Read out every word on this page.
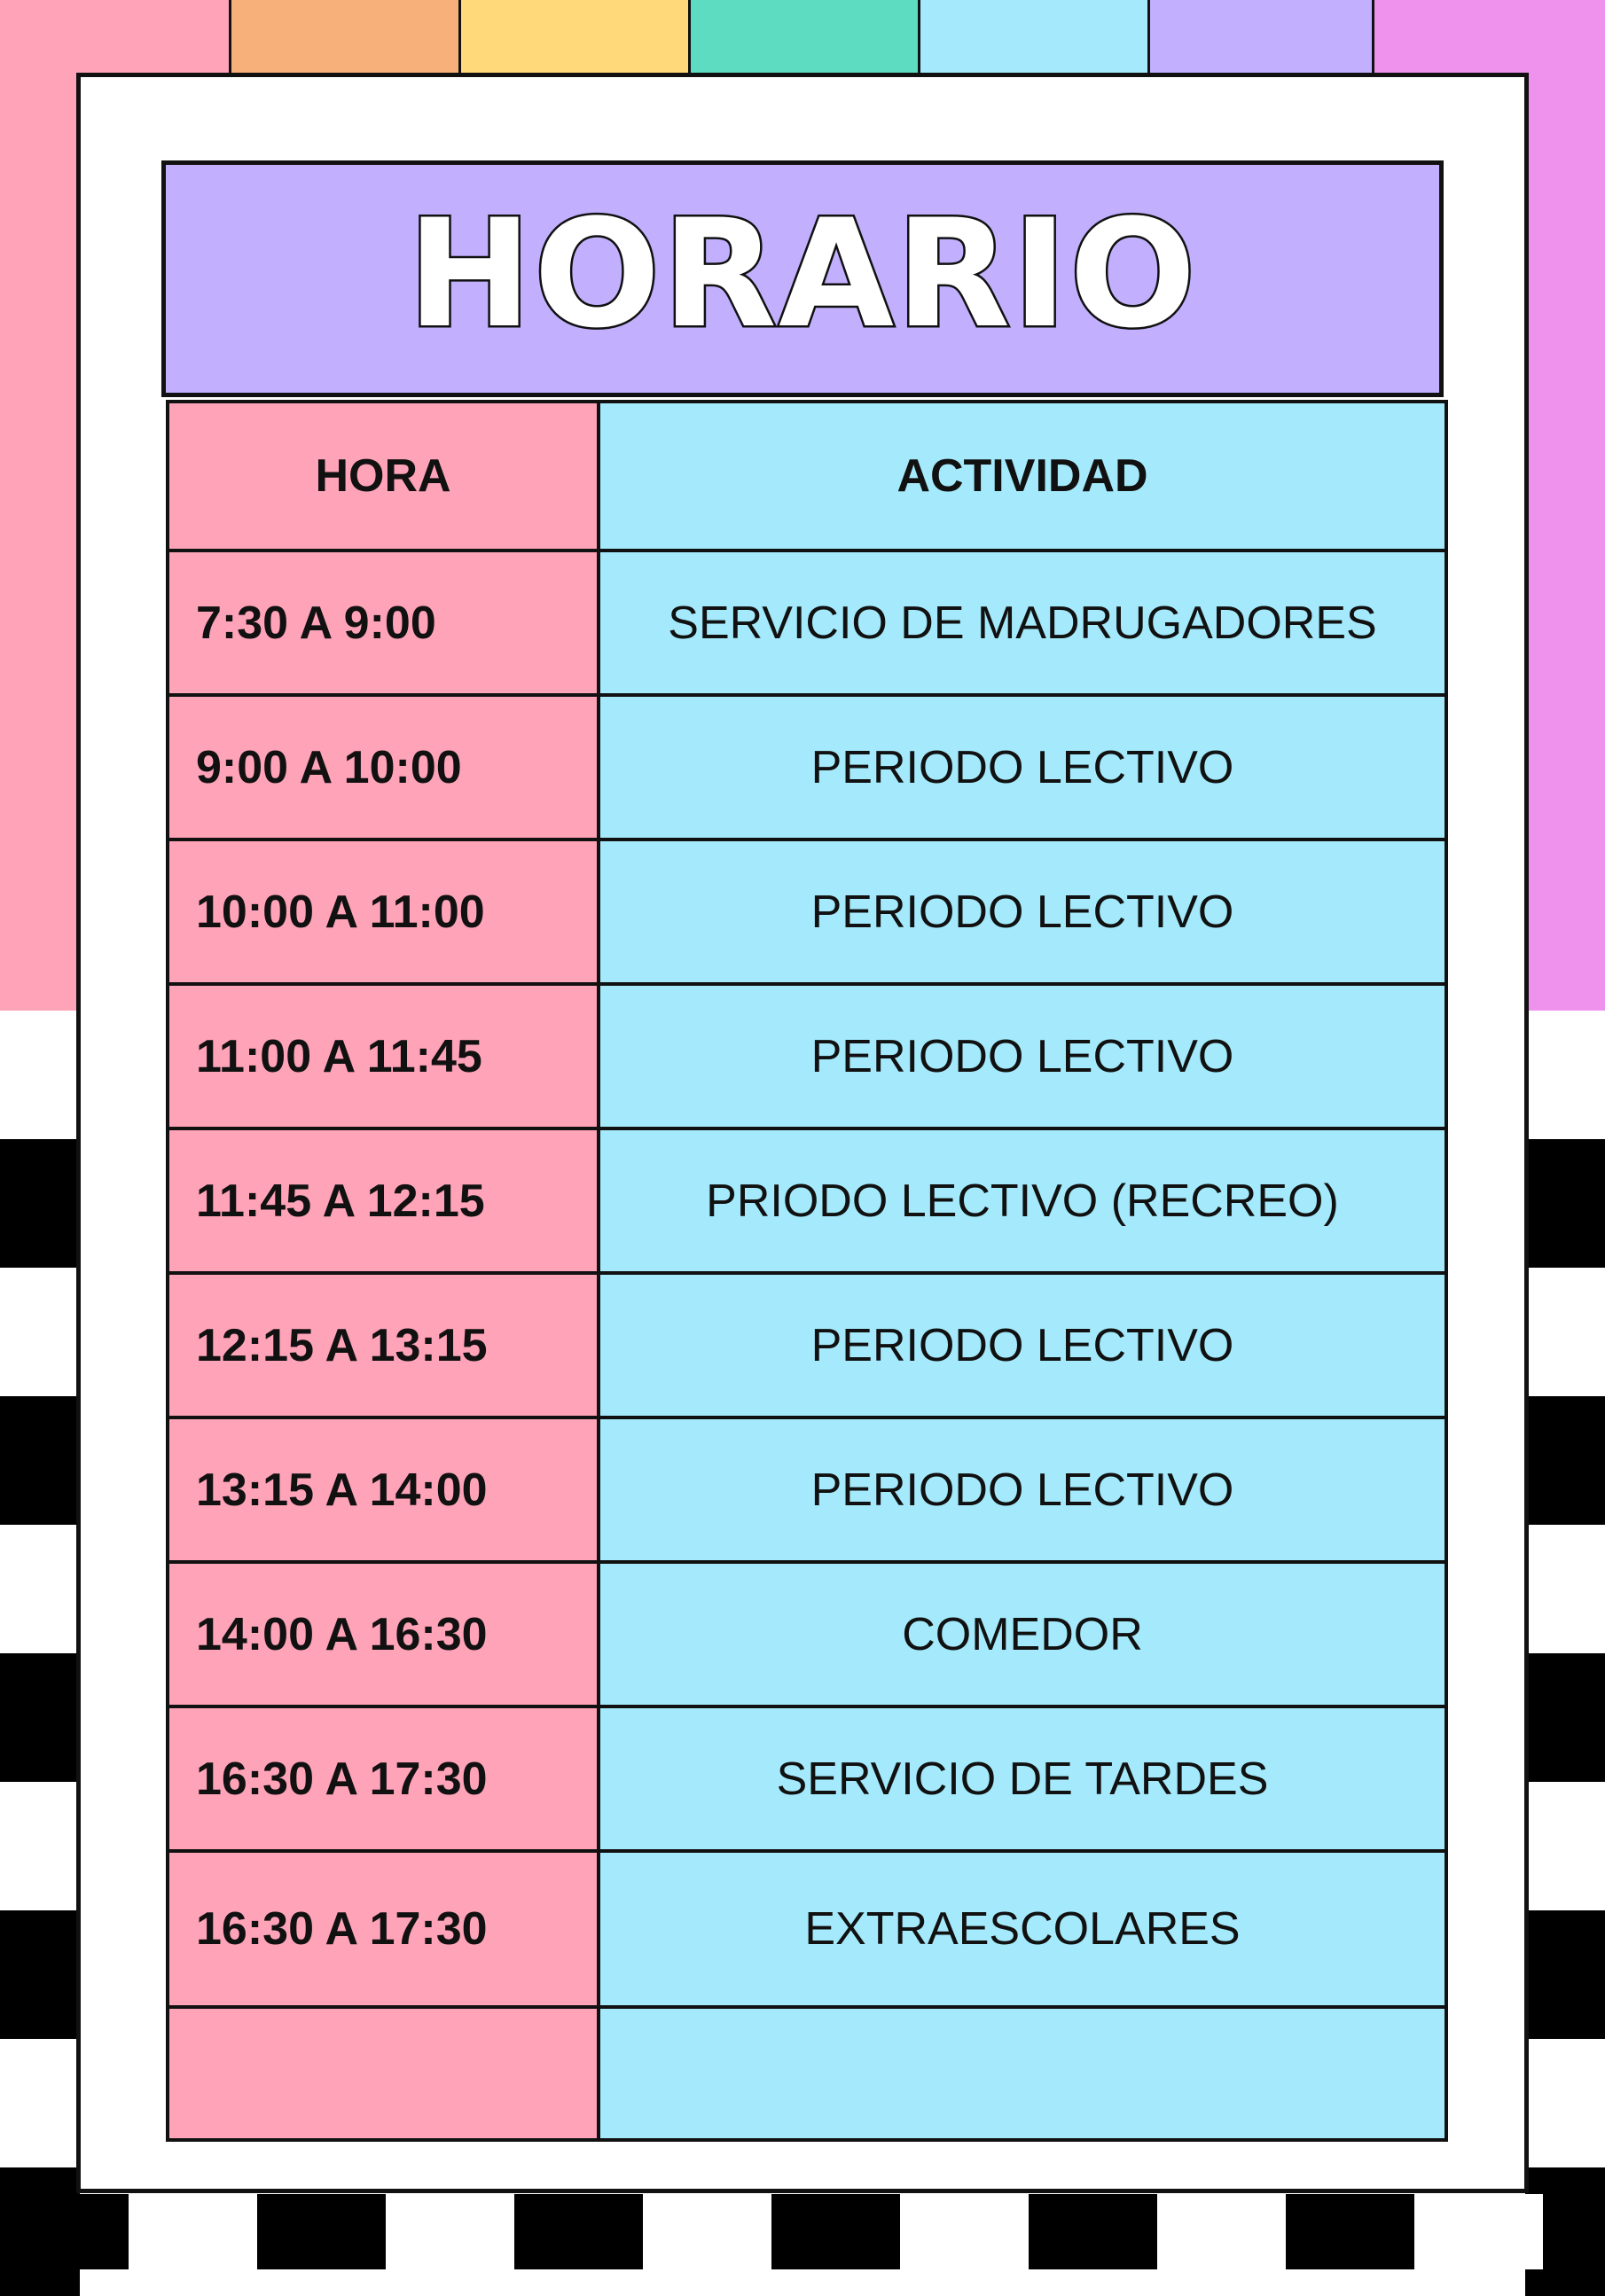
HORARIO
HORA	ACTIVIDAD
7:30 A 9:00	SERVICIO DE MADRUGADORES
9:00 A 10:00	PERIODO LECTIVO
10:00 A 11:00	PERIODO LECTIVO
11:00 A 11:45	PERIODO LECTIVO
11:45 A 12:15	PRIODO LECTIVO (RECREO)
12:15 A 13:15	PERIODO LECTIVO
13:15 A 14:00	PERIODO LECTIVO
14:00 A 16:30	COMEDOR
16:30 A 17:30	SERVICIO DE TARDES
16:30 A 17:30	EXTRAESCOLARES
